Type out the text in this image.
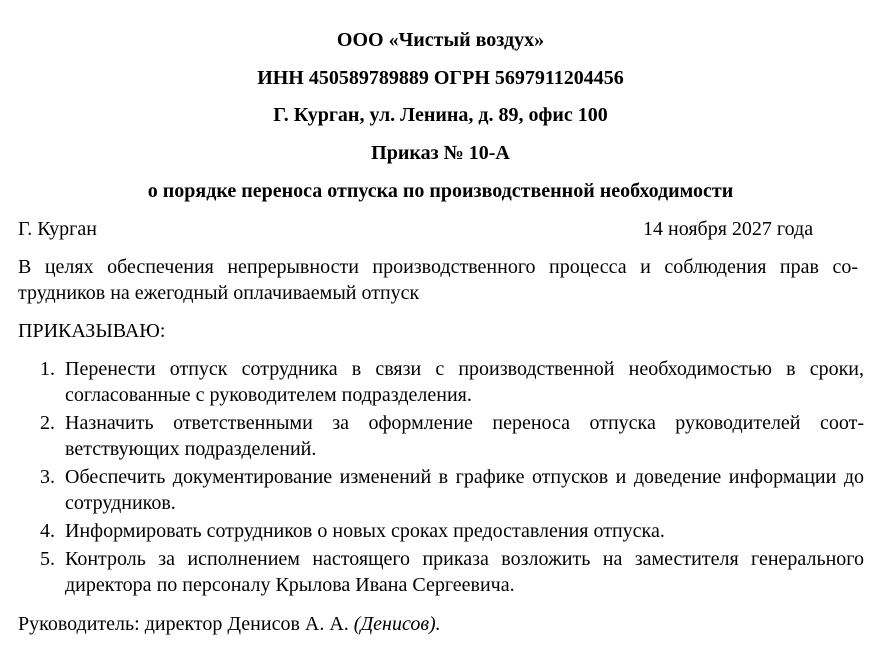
ООО «Чистый воздух»
ИНН 450589789889 ОГРН 5697911204456
Г. Курган, ул. Ленина, д. 89, офис 100
Приказ № 10-А
о порядке переноса отпуска по производственной необходимости
Г. Курган	14 ноября 2027 года
В целях обеспечения непрерывности производственного процесса и соблюдения прав сотрудников на ежегодный оплачиваемый отпуск
ПРИКАЗЫВАЮ:
1. Перенести отпуск сотрудника в связи с производственной необходимостью в сроки, согласованные с руководителем подразделения.
2. Назначить ответственными за оформление переноса отпуска руководителей соответствующих подразделений.
3. Обеспечить документирование изменений в графике отпусков и доведение информации до сотрудников.
4. Информировать сотрудников о новых сроках предоставления отпуска.
5. Контроль за исполнением настоящего приказа возложить на заместителя генерального директора по персоналу Крылова Ивана Сергеевича.
Руководитель: директор Денисов А. А. (Денисов).
